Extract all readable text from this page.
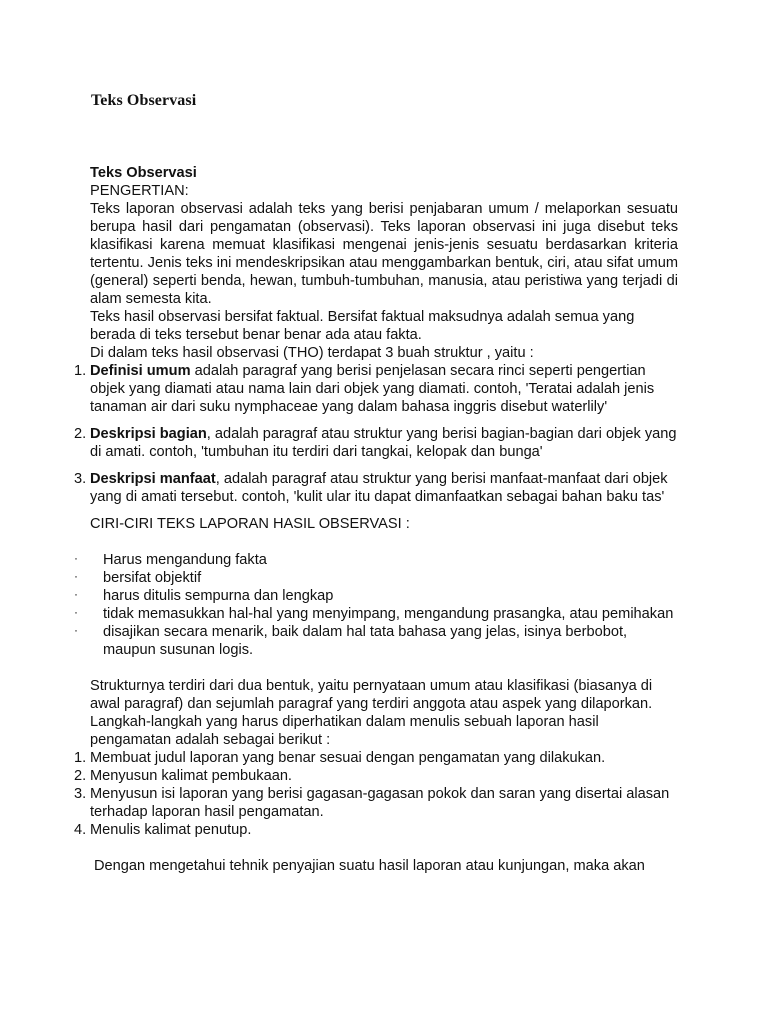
Teks Observasi

Teks Observasi

PENGERTIAN:

Teks laporan observasi adalah teks yang berisi penjabaran umum / melaporkan sesuatu berupa hasil dari pengamatan (observasi). Teks laporan observasi ini juga disebut teks klasifikasi karena memuat klasifikasi mengenai jenis-jenis sesuatu berdasarkan kriteria tertentu. Jenis teks ini mendeskripsikan atau menggambarkan bentuk, ciri, atau sifat umum (general) seperti benda, hewan, tumbuh-tumbuhan, manusia, atau peristiwa yang terjadi di alam semesta kita.

Teks hasil observasi bersifat faktual. Bersifat faktual maksudnya adalah semua yang berada di teks tersebut benar benar ada atau fakta.

Di dalam teks hasil observasi (THO) terdapat 3 buah struktur , yaitu :

1. Definisi umum adalah paragraf yang berisi penjelasan secara rinci seperti pengertian objek yang diamati atau nama lain dari objek yang diamati. contoh, 'Teratai adalah jenis tanaman air dari suku nymphaceae yang dalam bahasa inggris disebut waterlily'
2. Deskripsi bagian, adalah paragraf atau struktur yang berisi bagian-bagian dari objek yang di amati. contoh, 'tumbuhan itu terdiri dari tangkai, kelopak dan bunga'
3. Deskripsi manfaat, adalah paragraf atau struktur yang berisi manfaat-manfaat dari objek yang di amati tersebut. contoh, 'kulit ular itu dapat dimanfaatkan sebagai bahan baku tas'

CIRI-CIRI TEKS LAPORAN HASIL OBSERVASI :

· Harus mengandung fakta
· bersifat objektif
· harus ditulis sempurna dan lengkap
· tidak memasukkan hal-hal yang menyimpang, mengandung prasangka, atau pemihakan
· disajikan secara menarik, baik dalam hal tata bahasa yang jelas, isinya berbobot, maupun susunan logis.

Strukturnya terdiri dari dua bentuk, yaitu pernyataan umum atau klasifikasi (biasanya di awal paragraf) dan sejumlah paragraf yang terdiri anggota atau aspek yang dilaporkan.

Langkah-langkah yang harus diperhatikan dalam menulis sebuah laporan hasil pengamatan adalah sebagai berikut :

1. Membuat judul laporan yang benar sesuai dengan pengamatan yang dilakukan.
2. Menyusun kalimat pembukaan.
3. Menyusun isi laporan yang berisi gagasan-gagasan pokok dan saran yang disertai alasan terhadap laporan hasil pengamatan.
4. Menulis kalimat penutup.

Dengan mengetahui tehnik penyajian suatu hasil laporan atau kunjungan, maka akan
